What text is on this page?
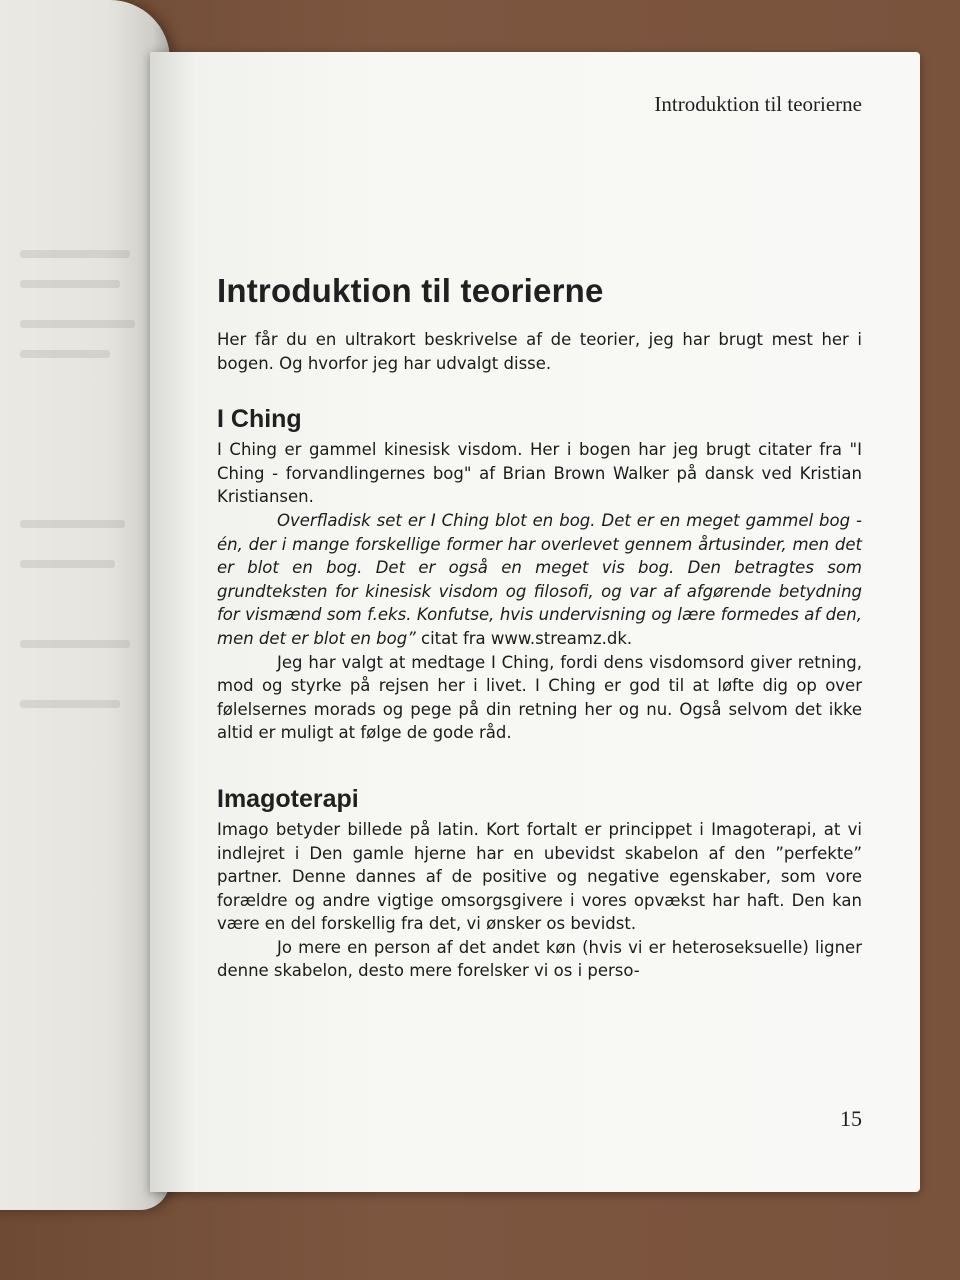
Introduktion til teorierne
Introduktion til teorierne

Her får du en ultrakort beskrivelse af de teorier, jeg har brugt mest her i bogen. Og hvorfor jeg har udvalgt disse.

I Ching

I Ching er gammel kinesisk visdom. Her i bogen har jeg brugt citater fra "I Ching - forvandlingernes bog" af Brian Brown Walker på dansk ved Kristian Kristiansen.

Overfladisk set er I Ching blot en bog. Det er en meget gammel bog - én, der i mange forskellige former har overlevet gennem årtusinder, men det er blot en bog. Det er også en meget vis bog. Den betragtes som grundteksten for kinesisk visdom og filosofi, og var af afgørende betydning for vismænd som f.eks. Konfutse, hvis undervisning og lære formedes af den, men det er blot en bog” citat fra www.streamz.dk.

Jeg har valgt at medtage I Ching, fordi dens visdomsord giver retning, mod og styrke på rejsen her i livet. I Ching er god til at løfte dig op over følelsernes morads og pege på din retning her og nu. Også selvom det ikke altid er muligt at følge de gode råd.

Imagoterapi

Imago betyder billede på latin. Kort fortalt er princippet i Imagoterapi, at vi indlejret i Den gamle hjerne har en ubevidst skabelon af den ”perfekte” partner. Denne dannes af de positive og negative egenskaber, som vore forældre og andre vigtige omsorgsgivere i vores opvækst har haft. Den kan være en del forskellig fra det, vi ønsker os bevidst.

Jo mere en person af det andet køn (hvis vi er heteroseksuelle) ligner denne skabelon, desto mere forelsker vi os i perso-

15
